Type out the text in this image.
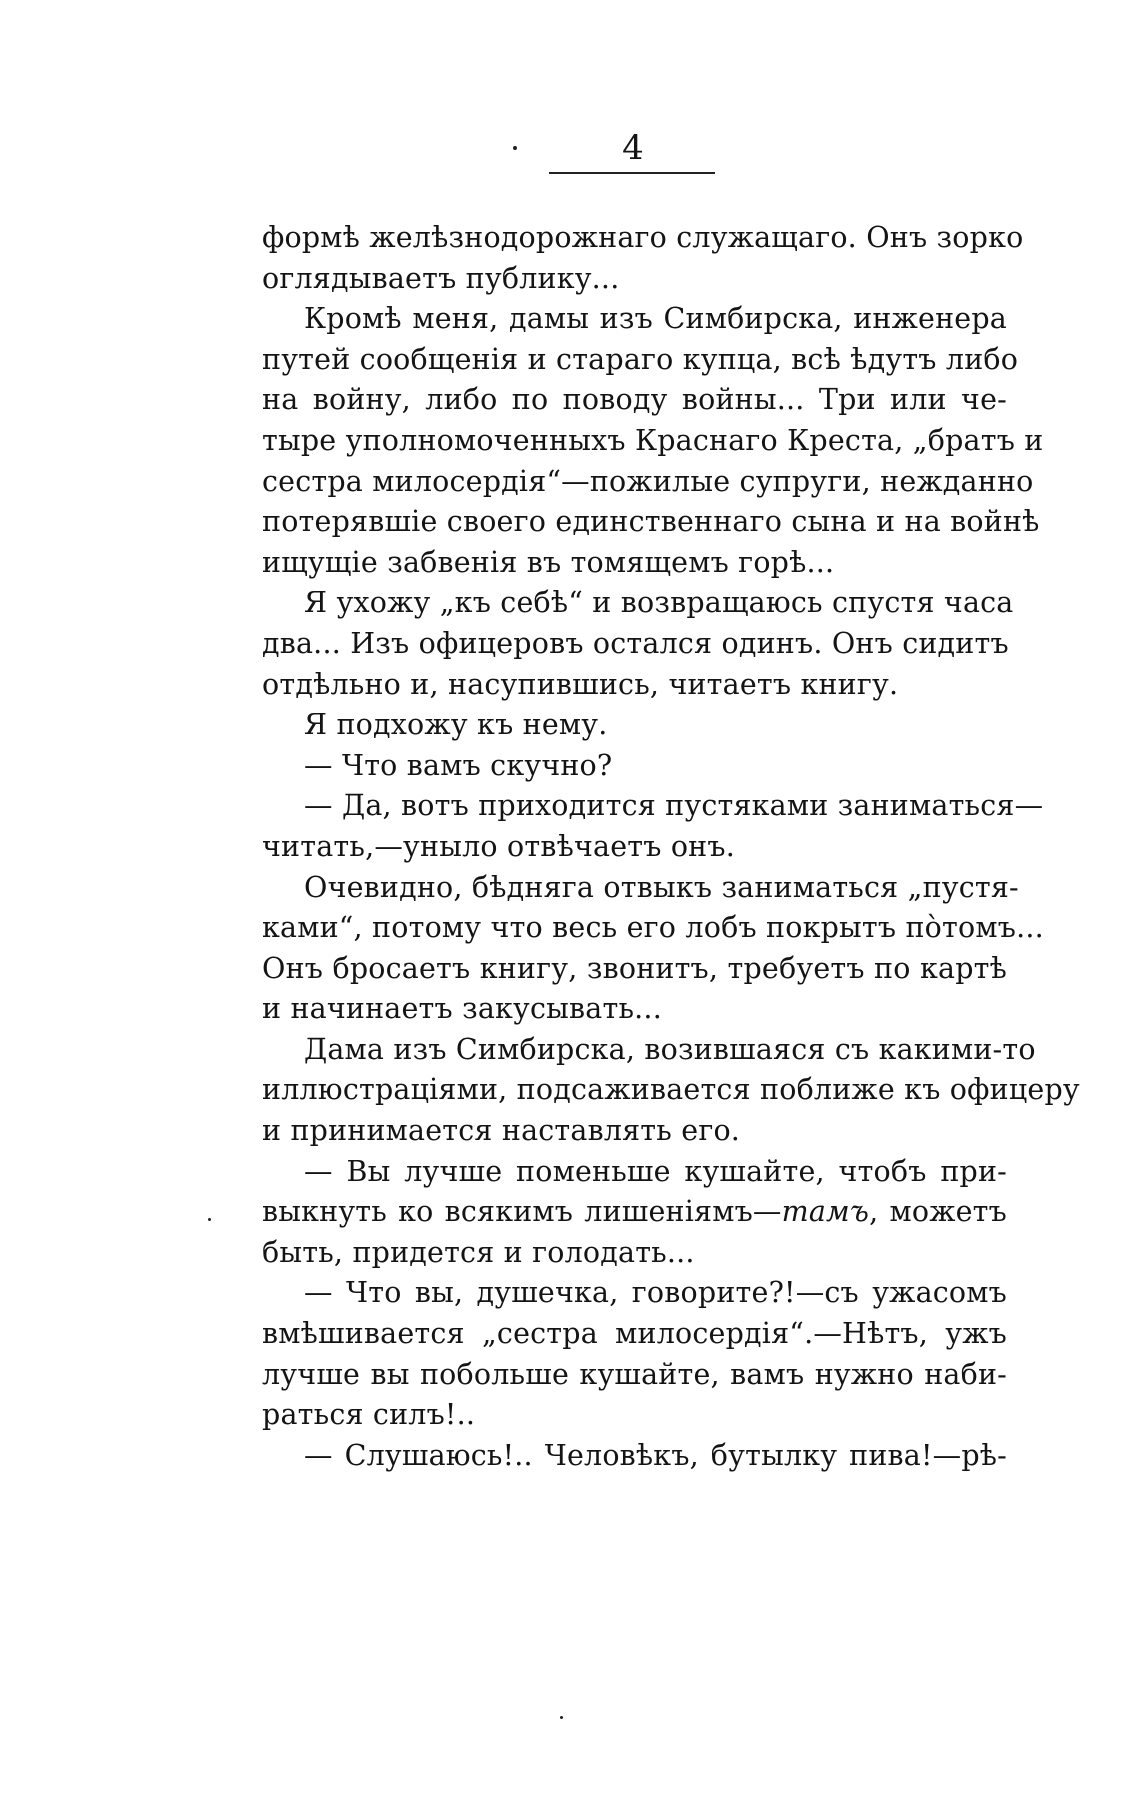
4
формѣ желѣзнодорожнаго служащаго. Онъ зорко
оглядываетъ публику...
Кромѣ меня, дамы изъ Симбирска, инженера
путей сообщенія и стараго купца, всѣ ѣдутъ либо
на войну, либо по поводу войны... Три или че-
тыре уполномоченныхъ Краснаго Креста, „братъ и
сестра милосердія“—пожилые супруги, нежданно
потерявшіе своего единственнаго сына и на войнѣ
ищущіе забвенія въ томящемъ горѣ...
Я ухожу „къ себѣ“ и возвращаюсь спустя часа
два... Изъ офицеровъ остался одинъ. Онъ сидитъ
отдѣльно и, насупившись, читаетъ книгу.
Я подхожу къ нему.
— Что вамъ скучно?
— Да, вотъ приходится пустяками заниматься—
читать,—уныло отвѣчаетъ онъ.
Очевидно, бѣдняга отвыкъ заниматься „пустя-
ками“, потому что весь его лобъ покрытъ пòтомъ...
Онъ бросаетъ книгу, звонитъ, требуетъ по картѣ
и начинаетъ закусывать...
Дама изъ Симбирска, возившаяся съ какими-то
иллюстраціями, подсаживается поближе къ офицеру
и принимается наставлять его.
— Вы лучше поменьше кушайте, чтобъ при-
выкнуть ко всякимъ лишеніямъ—тамъ, можетъ
быть, придется и голодать...
— Что вы, душечка, говорите?!—съ ужасомъ
вмѣшивается „сестра милосердія“.—Нѣтъ, ужъ
лучше вы побольше кушайте, вамъ нужно наби-
раться силъ!..
— Слушаюсь!.. Человѣкъ, бутылку пива!—рѣ-
